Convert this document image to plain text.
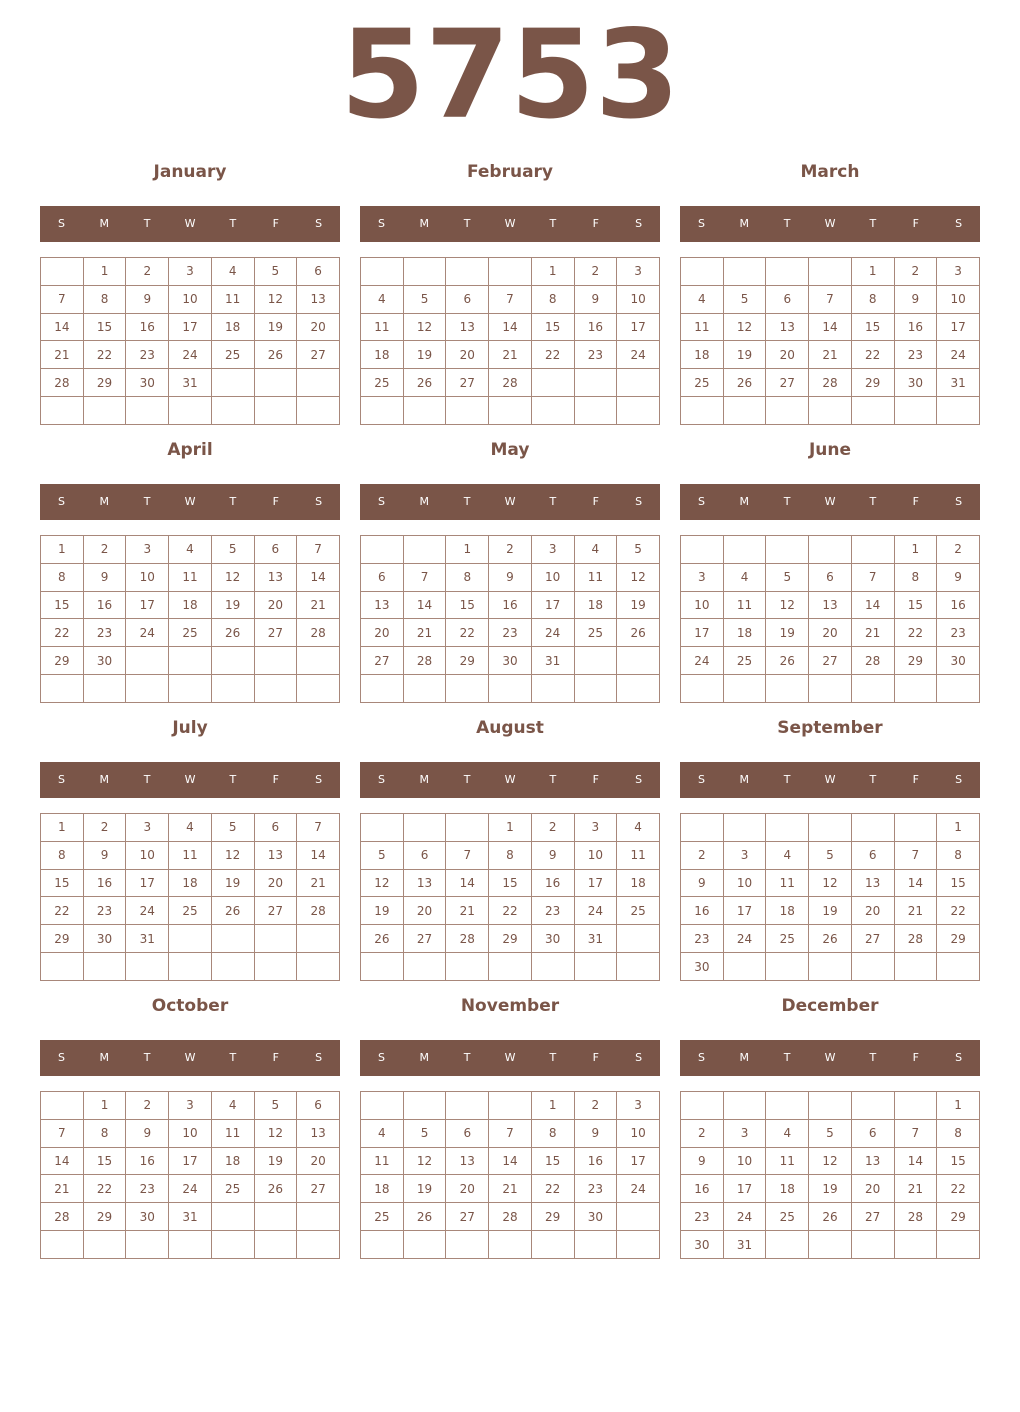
5753
January
S	M	T	W	T	F	S
	1	2	3	4	5	6
7	8	9	10	11	12	13
14	15	16	17	18	19	20
21	22	23	24	25	26	27
28	29	30	31			

February
S	M	T	W	T	F	S
				1	2	3
4	5	6	7	8	9	10
11	12	13	14	15	16	17
18	19	20	21	22	23	24
25	26	27	28			

March
S	M	T	W	T	F	S
				1	2	3
4	5	6	7	8	9	10
11	12	13	14	15	16	17
18	19	20	21	22	23	24
25	26	27	28	29	30	31

April
S	M	T	W	T	F	S
1	2	3	4	5	6	7
8	9	10	11	12	13	14
15	16	17	18	19	20	21
22	23	24	25	26	27	28
29	30					

May
S	M	T	W	T	F	S
		1	2	3	4	5
6	7	8	9	10	11	12
13	14	15	16	17	18	19
20	21	22	23	24	25	26
27	28	29	30	31		

June
S	M	T	W	T	F	S
					1	2
3	4	5	6	7	8	9
10	11	12	13	14	15	16
17	18	19	20	21	22	23
24	25	26	27	28	29	30

July
S	M	T	W	T	F	S
1	2	3	4	5	6	7
8	9	10	11	12	13	14
15	16	17	18	19	20	21
22	23	24	25	26	27	28
29	30	31				

August
S	M	T	W	T	F	S
			1	2	3	4
5	6	7	8	9	10	11
12	13	14	15	16	17	18
19	20	21	22	23	24	25
26	27	28	29	30	31	

September
S	M	T	W	T	F	S
						1
2	3	4	5	6	7	8
9	10	11	12	13	14	15
16	17	18	19	20	21	22
23	24	25	26	27	28	29
30						
October
S	M	T	W	T	F	S
	1	2	3	4	5	6
7	8	9	10	11	12	13
14	15	16	17	18	19	20
21	22	23	24	25	26	27
28	29	30	31			

November
S	M	T	W	T	F	S
				1	2	3
4	5	6	7	8	9	10
11	12	13	14	15	16	17
18	19	20	21	22	23	24
25	26	27	28	29	30	

December
S	M	T	W	T	F	S
						1
2	3	4	5	6	7	8
9	10	11	12	13	14	15
16	17	18	19	20	21	22
23	24	25	26	27	28	29
30	31					
